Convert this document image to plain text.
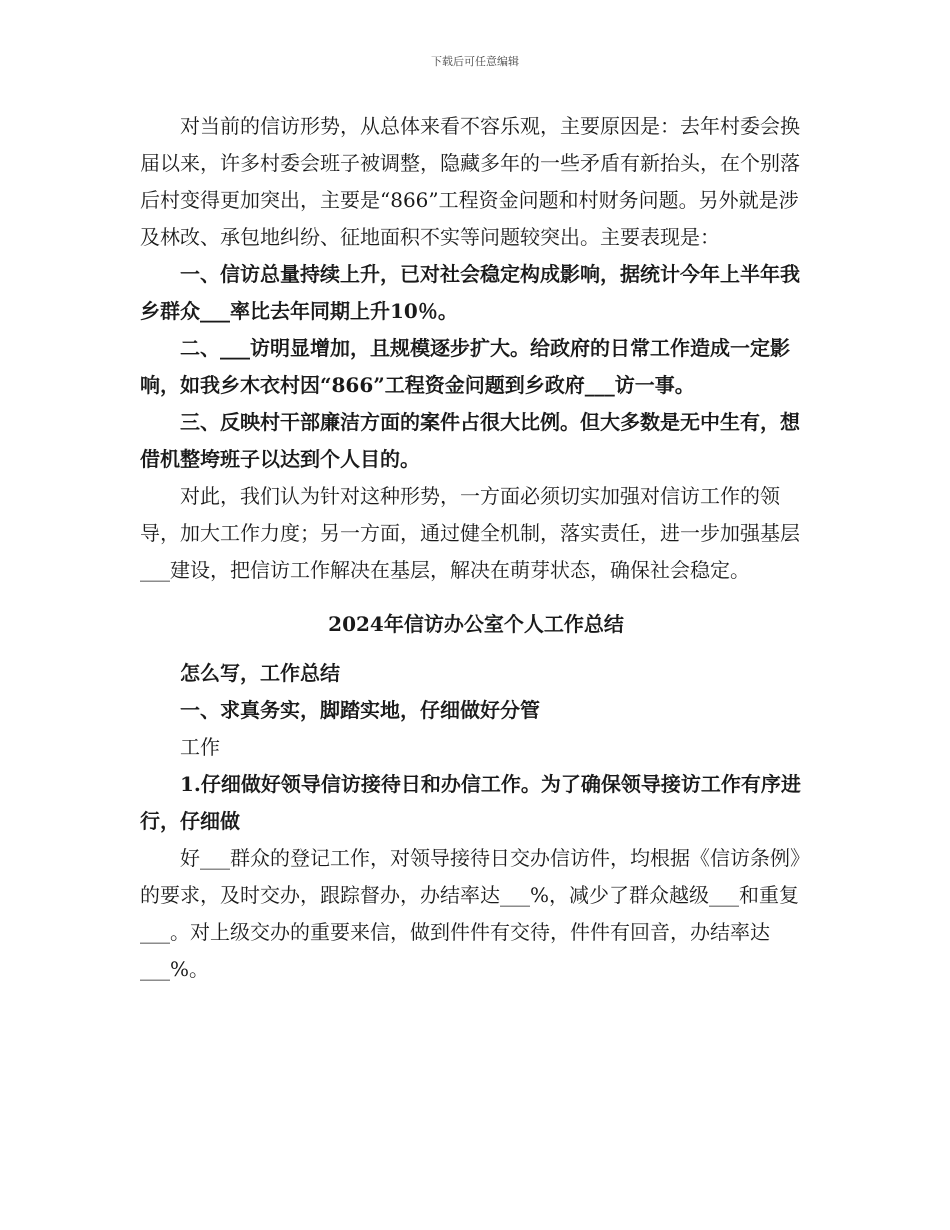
下载后可任意编辑

对当前的信访形势，从总体来看不容乐观，主要原因是：去年村委会换届以来，许多村委会班子被调整，隐藏多年的一些矛盾有新抬头，在个别落后村变得更加突出，主要是“866”工程资金问题和村财务问题。另外就是涉及林改、承包地纠纷、征地面积不实等问题较突出。主要表现是：

一、信访总量持续上升，已对社会稳定构成影响，据统计今年上半年我乡群众___率比去年同期上升10％。

二、___访明显增加，且规模逐步扩大。给政府的日常工作造成一定影响，如我乡木衣村因“866”工程资金问题到乡政府___访一事。

三、反映村干部廉洁方面的案件占很大比例。但大多数是无中生有，想借机整垮班子以达到个人目的。

对此，我们认为针对这种形势，一方面必须切实加强对信访工作的领导，加大工作力度；另一方面，通过健全机制，落实责任，进一步加强基层___建设，把信访工作解决在基层，解决在萌芽状态，确保社会稳定。

2024年信访办公室个人工作总结

怎么写，工作总结

一、求真务实，脚踏实地，仔细做好分管

工作

1.仔细做好领导信访接待日和办信工作。为了确保领导接访工作有序进行，仔细做

好___群众的登记工作，对领导接待日交办信访件，均根据《信访条例》的要求，及时交办，跟踪督办，办结率达___%，减少了群众越级___和重复___。对上级交办的重要来信，做到件件有交待，件件有回音，办结率达___%。
